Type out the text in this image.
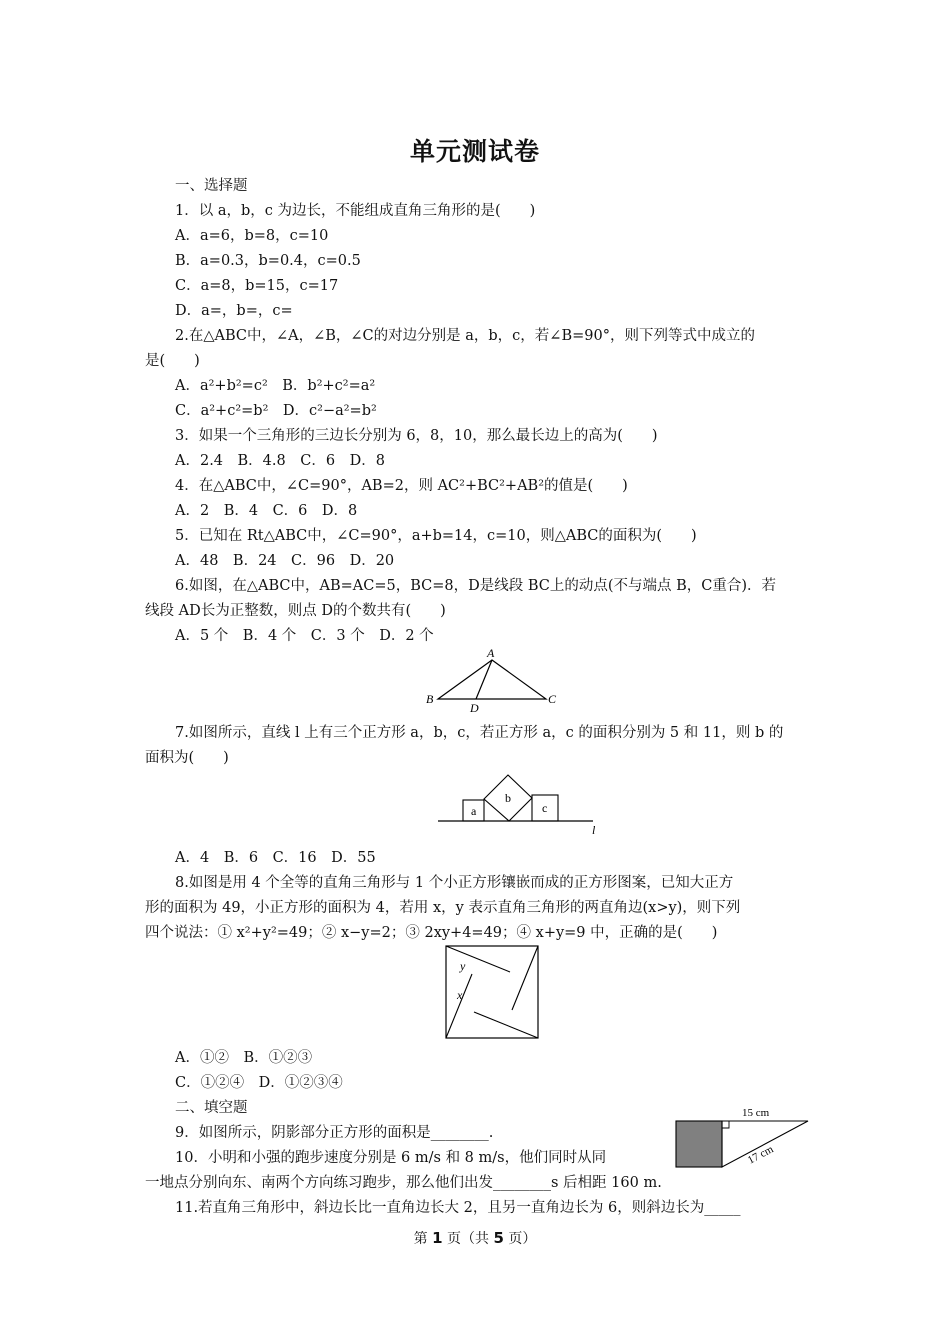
单元测试卷
一、选择题
1．以 a，b，c 为边长，不能组成直角三角形的是(　　)
A．a=6，b=8，c=10
B．a=0.3，b=0.4，c=0.5
C．a=8，b=15，c=17
D．a=，b=，c=
2.在△ABC中，∠A，∠B，∠C的对边分别是 a，b，c，若∠B=90°，则下列等式中成立的
是(　　)
A．a²+b²=c²　B．b²+c²=a²
C．a²+c²=b²　D．c²−a²=b²
3．如果一个三角形的三边长分别为 6，8，10，那么最长边上的高为(　　)
A．2.4　B．4.8　C．6　D．8
4．在△ABC中，∠C=90°，AB=2，则 AC²+BC²+AB²的值是(　　)
A．2　B．4　C．6　D．8
5．已知在 Rt△ABC中，∠C=90°，a+b=14，c=10，则△ABC的面积为(　　)
A．48　B．24　C．96　D．20
6.如图，在△ABC中，AB=AC=5，BC=8，D是线段 BC上的动点(不与端点 B，C重合)．若
线段 AD长为正整数，则点 D的个数共有(　　)
A．5 个　B．4 个　C．3 个　D．2 个
A
B	C
D
7.如图所示，直线 l 上有三个正方形 a，b，c，若正方形 a，c 的面积分别为 5 和 11，则 b 的
面积为(　　)
a
b
c
l
A．4　B．6　C．16　D．55
8.如图是用 4 个全等的直角三角形与 1 个小正方形镶嵌而成的正方形图案，已知大正方
形的面积为 49，小正方形的面积为 4，若用 x，y 表示直角三角形的两直角边(x>y)，则下列
四个说法：① x²+y²=49；② x−y=2；③ 2xy+4=49；④ x+y=9 中，正确的是(　　)
y
x
A．①②　B．①②③
C．①②④　D．①②③④
二、填空题
9．如图所示，阴影部分正方形的面积是________.
15 cm
17 cm
10．小明和小强的跑步速度分别是 6 m/s 和 8 m/s，他们同时从同
一地点分别向东、南两个方向练习跑步，那么他们出发________s 后相距 160 m.
11.若直角三角形中，斜边长比一直角边长大 2，且另一直角边长为 6，则斜边长为_____
第 1 页（共 5 页）
